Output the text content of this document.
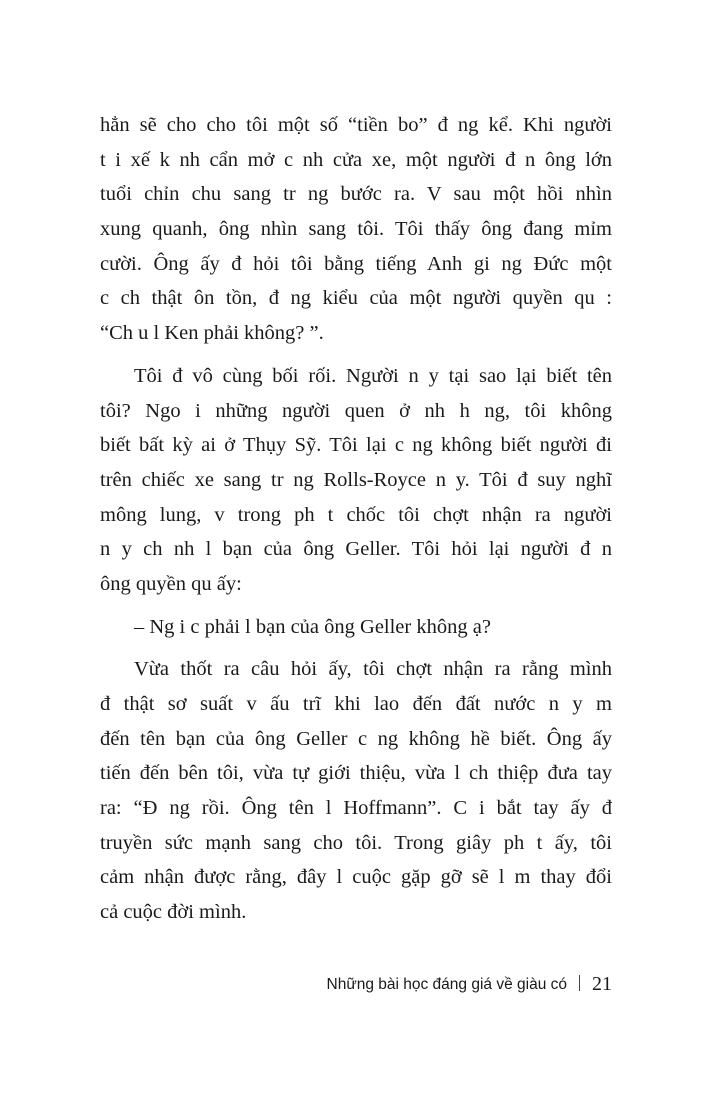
hẳn sẽ cho cho tôi một số “tiền bo” đ ng kể. Khi người
t i xế k nh cẩn mở c nh cửa xe, một người đ n ông lớn
tuổi chỉn chu sang tr ng bước ra. V sau một hồi nhìn
xung quanh, ông nhìn sang tôi. Tôi thấy ông đang mỉm
cười. Ông ấy đ hỏi tôi bằng tiếng Anh gi ng Đức một
c ch thật ôn tồn, đ ng kiểu của một người quyền qu :
“Ch u l Ken phải không? ”.
Tôi đ vô cùng bối rối. Người n y tại sao lại biết tên
tôi? Ngo i những người quen ở nh h ng, tôi không
biết bất kỳ ai ở Thụy Sỹ. Tôi lại c ng không biết người đi
trên chiếc xe sang tr ng Rolls-Royce n y. Tôi đ suy nghĩ
mông lung, v trong ph t chốc tôi chợt nhận ra người
n y ch nh l bạn của ông Geller. Tôi hỏi lại người đ n
ông quyền qu ấy:
– Ng i c phải l bạn của ông Geller không ạ?
Vừa thốt ra câu hỏi ấy, tôi chợt nhận ra rằng mình
đ thật sơ suất v ấu trĩ khi lao đến đất nước n y m
đến tên bạn của ông Geller c ng không hề biết. Ông ấy
tiến đến bên tôi, vừa tự giới thiệu, vừa l ch thiệp đưa tay
ra: “Đ ng rồi. Ông tên l Hoffmann”. C i bắt tay ấy đ
truyền sức mạnh sang cho tôi. Trong giây ph t ấy, tôi
cảm nhận được rằng, đây l cuộc gặp gỡ sẽ l m thay đổi
cả cuộc đời mình.
Những bài học đáng giá về giàu có 21
